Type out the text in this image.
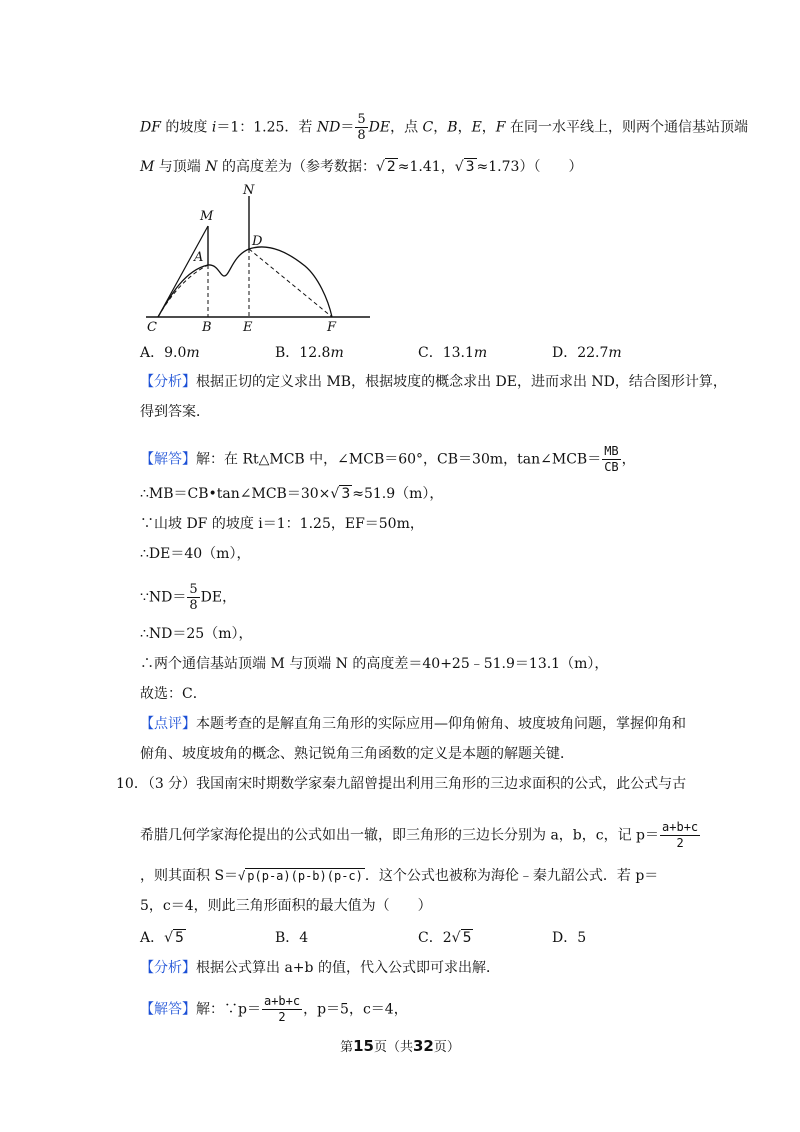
DF 的坡度 i＝1：1.25．若 $ND= \frac{5}{8}$ DE，点 C，B，E，F 在同一水平线上，则两个通信基站顶端
M 与顶端 N 的高度差为（参考数据：√ 2 ≈1.41，√ 3 ≈1.73）（　　）
M
N
A
D
C	B E	F
A．9.0m	B．12.8m	C．13.1m	D．22.7m
【分析】根据正切的定义求出 MB，根据坡度的概念求出 DE，进而求出 ND，结合图形计算，
得到答案．
【解答】解：在 Rt△MCB 中，∠MCB＝60°，CB＝30m，tan∠MCB＝ $\frac{MB}{CB}$ ，
∴MB＝CB•tan∠MCB＝30×√ 3 ≈51.9（m），
∵山坡 DF 的坡度 i＝1：1.25，EF＝50m，
∴DE＝40（m），
∵ND＝ $\frac{5}{8}$ DE，
∴ND＝25（m），
∴两个通信基站顶端 M 与顶端 N 的高度差＝40+25﹣51.9＝13.1（m），
故选：C．
【点评】本题考查的是解直角三角形的实际应用—仰角俯角、坡度坡角问题，掌握仰角和
俯角、坡度坡角的概念、熟记锐角三角函数的定义是本题的解题关键．
10．（3 分）我国南宋时期数学家秦九韶曾提出利用三角形的三边求面积的公式，此公式与古
希腊几何学家海伦提出的公式如出一辙，即三角形的三边长分别为 a，b，c，记 $p= \frac{a+b+c}{2}$
，则其面积 S＝√ p(p-a)(p-b)(p-c) ．这个公式也被称为海伦﹣秦九韶公式．若 p＝
5，c＝4，则此三角形面积的最大值为（　　）
A．√ 5	B．4	C．2√ 5	D．5
【分析】根据公式算出 a+b 的值，代入公式即可求出解．
【解答】解：∵p＝ $\frac{a+b+c}{2}$ ，p＝5，c＝4，
第15页（共32页）
